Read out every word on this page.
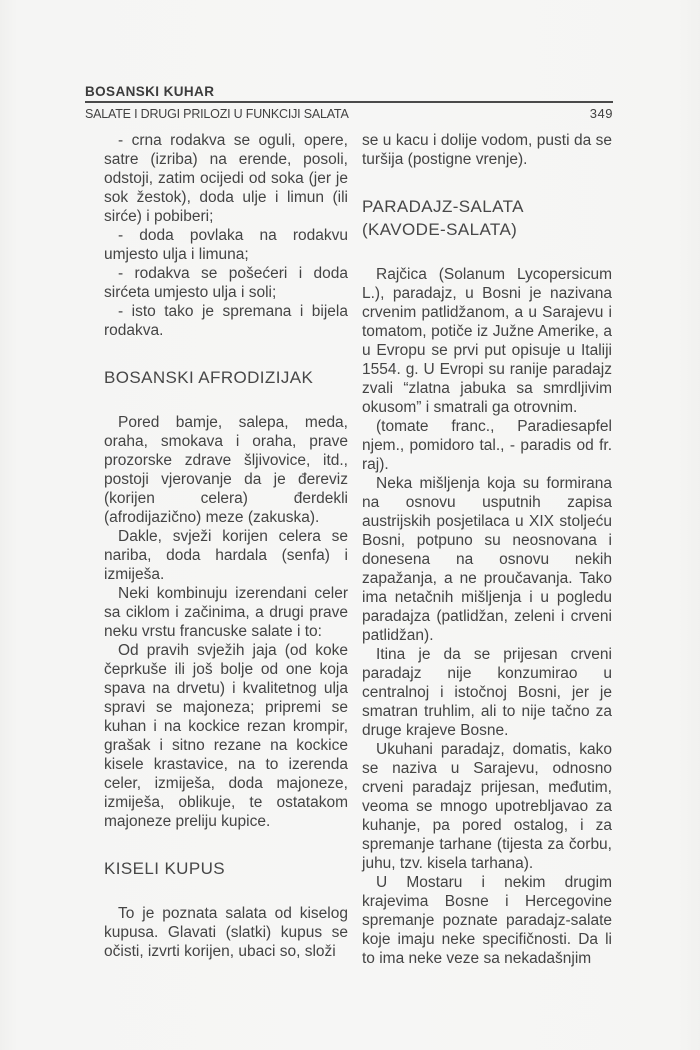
BOSANSKI KUHAR
SALATE I DRUGI PRILOZI U FUNKCIJI SALATA	349

- crna rodakva se oguli, opere, satre (izriba) na erende, posoli, odstoji, zatim ocijedi od soka (jer je sok žestok), doda ulje i limun (ili sirće) i pobiberi;

- doda povlaka na rodakvu umjesto ulja i limuna;

- rodakva se pošećeri i doda sirćeta umjesto ulja i soli;

- isto tako je spremana i bijela rodakva.

BOSANSKI AFRODIZIJAK

Pored bamje, salepa, meda, oraha, smokava i oraha, prave prozorske zdrave šljivovice, itd., postoji vjerovanje da je đereviz (korijen celera) đerdekli (afrodijazično) meze (zakuska).

Dakle, svježi korijen celera se nariba, doda hardala (senfa) i izmiješa.

Neki kombinuju izerendani celer sa ciklom i začinima, a drugi prave neku vrstu francuske salate i to:

Od pravih svježih jaja (od koke čeprkuše ili još bolje od one koja spava na drvetu) i kvalitetnog ulja spravi se majoneza; pripremi se kuhan i na kockice rezan krompir, grašak i sitno rezane na kockice kisele krastavice, na to izerenda celer, izmiješa, doda majoneze, izmiješa, oblikuje, te ostatakom majoneze preliju kupice.

KISELI KUPUS

To je poznata salata od kiselog kupusa. Glavati (slatki) kupus se očisti, izvrti korijen, ubaci so, složi

se u kacu i dolije vodom, pusti da se turšija (postigne vrenje).

PARADAJZ-SALATA (KAVODE-SALATA)

Rajčica (Solanum Lycopersicum L.), paradajz, u Bosni je nazivana crvenim patlidžanom, a u Sarajevu i tomatom, potiče iz Južne Amerike, a u Evropu se prvi put opisuje u Italiji 1554. g. U Evropi su ranije paradajz zvali “zlatna jabuka sa smrdljivim okusom” i smatrali ga otrovnim.

(tomate franc., Paradiesapfel njem., pomidoro tal., - paradis od fr. raj).

Neka mišljenja koja su formirana na osnovu usputnih zapisa austrijskih posjetilaca u XIX stoljeću Bosni, potpuno su neosnovana i donesena na osnovu nekih zapažanja, a ne proučavanja. Tako ima netačnih mišljenja i u pogledu paradajza (patlidžan, zeleni i crveni patlidžan).

Itina je da se prijesan crveni paradajz nije konzumirao u centralnoj i istočnoj Bosni, jer je smatran truhlim, ali to nije tačno za druge krajeve Bosne.

Ukuhani paradajz, domatis, kako se naziva u Sarajevu, odnosno crveni paradajz prijesan, međutim, veoma se mnogo upotrebljavao za kuhanje, pa pored ostalog, i za spremanje tarhane (tijesta za čorbu, juhu, tzv. kisela tarhana).

U Mostaru i nekim drugim krajevima Bosne i Hercegovine spremanje poznate paradajz-salate koje imaju neke specifičnosti. Da li to ima neke veze sa nekadašnjim
